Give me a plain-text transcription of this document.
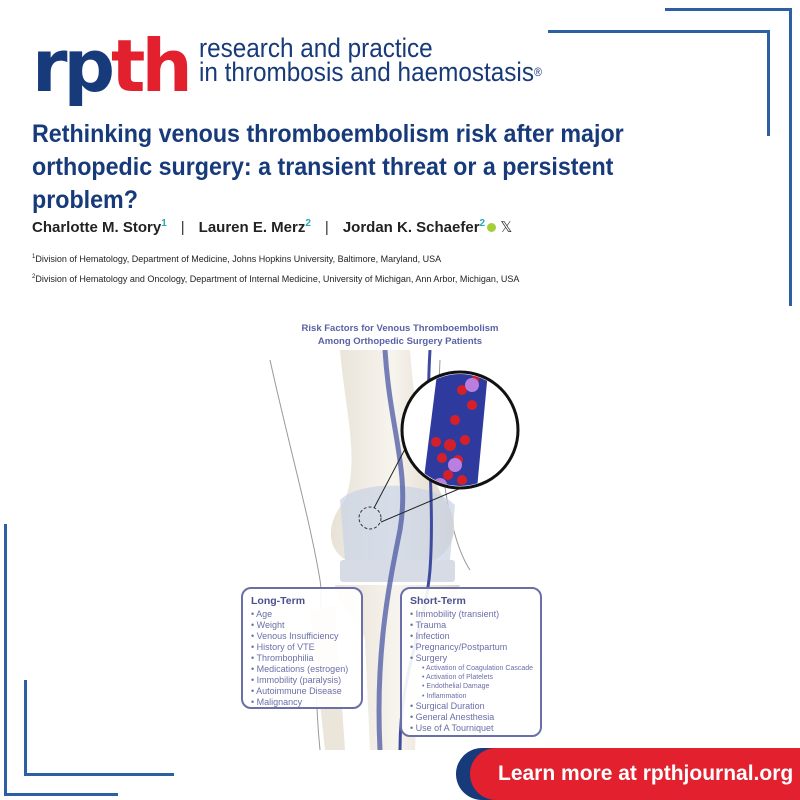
rpth research and practice
in thrombosis and haemostasis®
Rethinking venous thromboembolism risk after major orthopedic surgery: a transient threat or a persistent problem?
Charlotte M. Story$^1$ | Lauren E. Merz$^2$ | Jordan K. Schaefer$^2$ 𝕏
$^1$Division of Hematology, Department of Medicine, Johns Hopkins University, Baltimore, Maryland, USA
$^2$Division of Hematology and Oncology, Department of Internal Medicine, University of Michigan, Ann Arbor, Michigan, USA
Risk Factors for Venous Thromboembolism
Among Orthopedic Surgery Patients
Long-Term
• Age
• Weight
• Venous Insufficiency
• History of VTE
• Thrombophilia
• Medications (estrogen)
• Immobility (paralysis)
• Autoimmune Disease
• Malignancy
Short-Term
• Immobility (transient)
• Trauma
• Infection
• Pregnancy/Postpartum
• Surgery
• Activation of Coagulation Cascade
• Activation of Platelets
• Endothelial Damage
• Inflammation
• Surgical Duration
• General Anesthesia
• Use of A Tourniquet
Learn more at rpthjournal.org
